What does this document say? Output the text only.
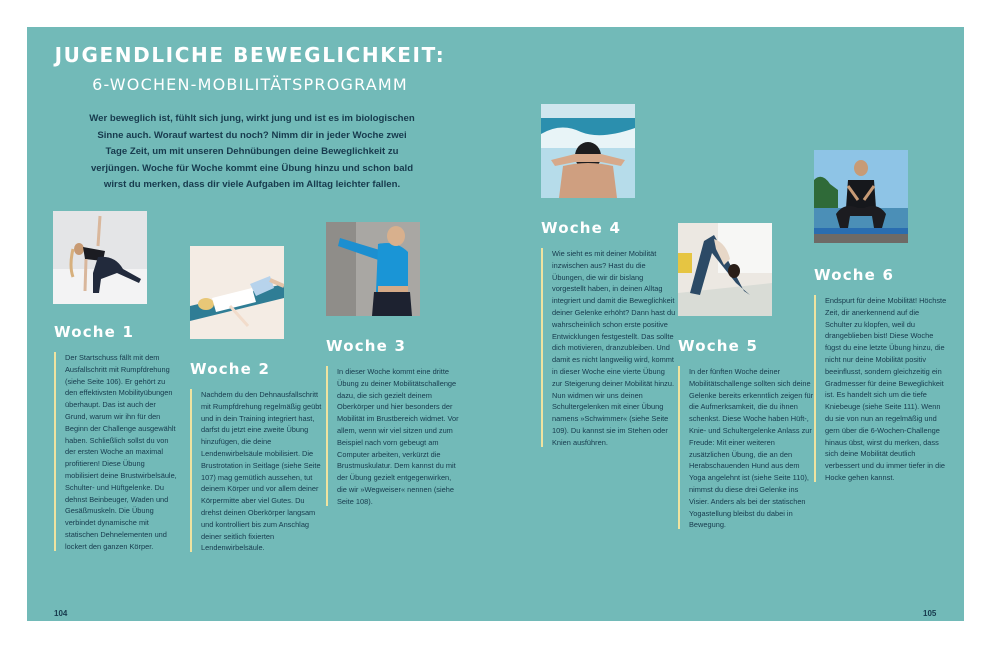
JUGENDLICHE BEWEGLICHKEIT:
6-WOCHEN-MOBILITÄTSPROGRAMM
Wer beweglich ist, fühlt sich jung, wirkt jung und ist es im biologischen Sinne auch. Worauf wartest du noch? Nimm dir in jeder Woche zwei Tage Zeit, um mit unseren Dehnübungen deine Beweglichkeit zu verjüngen. Woche für Woche kommt eine Übung hinzu und schon bald wirst du merken, dass dir viele Aufgaben im Alltag leichter fallen.
Woche 1
Der Startschuss fällt mit dem Ausfallschritt mit Rumpfdrehung (siehe Seite 106). Er gehört zu den effektivsten Mobilityübungen überhaupt. Das ist auch der Grund, warum wir ihn für den Beginn der Challenge ausgewählt haben. Schließlich sollst du von der ersten Woche an maximal profitieren! Diese Übung mobilisiert deine Brustwirbelsäule, Schulter- und Hüftgelenke. Du dehnst Beinbeuger, Waden und Gesäßmuskeln. Die Übung verbindet dynamische mit statischen Dehnelementen und lockert den ganzen Körper.
Woche 2
Nachdem du den Dehnausfallschritt mit Rumpfdrehung regelmäßig geübt und in dein Training integriert hast, darfst du jetzt eine zweite Übung hinzufügen, die deine Lendenwirbelsäule mobilisiert. Die Brustrotation in Seitlage (siehe Seite 107) mag gemütlich aussehen, tut deinem Körper und vor allem deiner Körpermitte aber viel Gutes. Du drehst deinen Oberkörper langsam und kontrolliert bis zum Anschlag deiner seitlich fixierten Lendenwirbelsäule.
Woche 3
In dieser Woche kommt eine dritte Übung zu deiner Mobilitätschallenge dazu, die sich gezielt deinem Oberkörper und hier besonders der Mobilität im Brustbereich widmet. Vor allem, wenn wir viel sitzen und zum Beispiel nach vorn gebeugt am Computer arbeiten, verkürzt die Brustmuskulatur. Dem kannst du mit der Übung gezielt entgegenwirken, die wir »Wegweiser« nennen (siehe Seite 108).
Woche 4
Wie sieht es mit deiner Mobilität inzwischen aus? Hast du die Übungen, die wir dir bislang vorgestellt haben, in deinen Alltag integriert und damit die Beweglichkeit deiner Gelenke erhöht? Dann hast du wahrscheinlich schon erste positive Entwicklungen festgestellt. Das sollte dich motivieren, dranzubleiben. Und damit es nicht langweilig wird, kommt in dieser Woche eine vierte Übung zur Steigerung deiner Mobilität hinzu. Nun widmen wir uns deinen Schultergelenken mit einer Übung namens »Schwimmer« (siehe Seite 109). Du kannst sie im Stehen oder Knien ausführen.
Woche 5
In der fünften Woche deiner Mobilitätschallenge sollten sich deine Gelenke bereits erkenntlich zeigen für die Aufmerksamkeit, die du ihnen schenkst. Diese Woche haben Hüft-, Knie- und Schultergelenke Anlass zur Freude: Mit einer weiteren zusätzlichen Übung, die an den Herabschauenden Hund aus dem Yoga angelehnt ist (siehe Seite 110), nimmst du diese drei Gelenke ins Visier. Anders als bei der statischen Yogastellung bleibst du dabei in Bewegung.
Woche 6
Endspurt für deine Mobilität! Höchste Zeit, dir anerkennend auf die Schulter zu klopfen, weil du drangeblieben bist! Diese Woche fügst du eine letzte Übung hinzu, die nicht nur deine Mobilität positiv beeinflusst, sondern gleichzeitig ein Gradmesser für deine Beweglichkeit ist. Es handelt sich um die tiefe Kniebeuge (siehe Seite 111). Wenn du sie von nun an regelmäßig und gern über die 6-Wochen-Challenge hinaus übst, wirst du merken, dass sich deine Mobilität deutlich verbessert und du immer tiefer in die Hocke gehen kannst.
104	105
